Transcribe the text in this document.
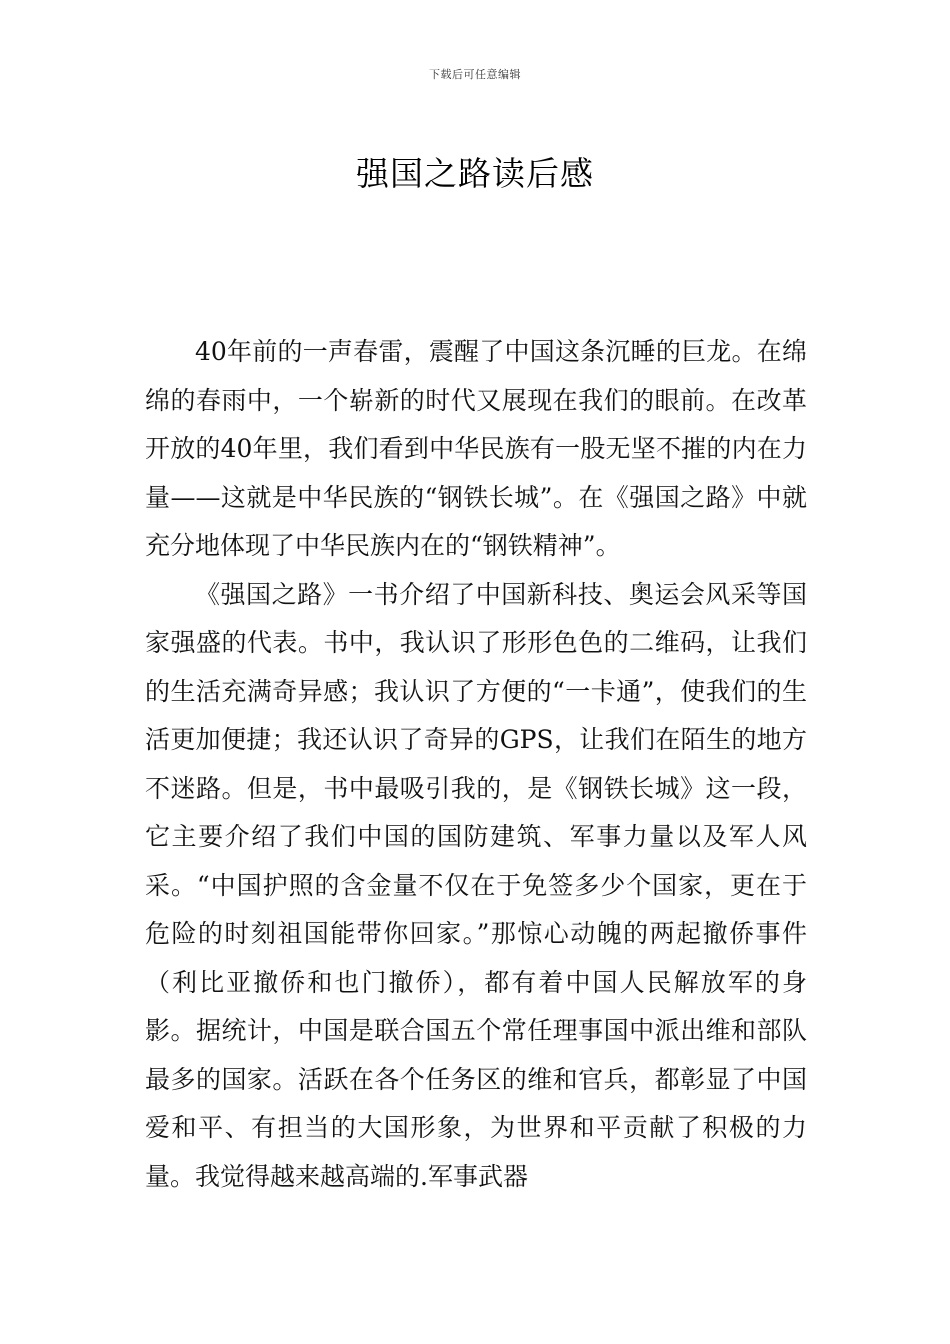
下载后可任意编辑
强国之路读后感

40年前的一声春雷，震醒了中国这条沉睡的巨龙。在绵绵的春雨中，一个崭新的时代又展现在我们的眼前。在改革开放的40年里，我们看到中华民族有一股无坚不摧的内在力量——这就是中华民族的“钢铁长城”。在《强国之路》中就充分地体现了中华民族内在的“钢铁精神”。

《强国之路》一书介绍了中国新科技、奥运会风采等国家强盛的代表。书中，我认识了形形色色的二维码，让我们的生活充满奇异感；我认识了方便的“一卡通”，使我们的生活更加便捷；我还认识了奇异的GPS，让我们在陌生的地方不迷路。但是，书中最吸引我的，是《钢铁长城》这一段，它主要介绍了我们中国的国防建筑、军事力量以及军人风采。“中国护照的含金量不仅在于免签多少个国家，更在于危险的时刻祖国能带你回家。”那惊心动魄的两起撤侨事件（利比亚撤侨和也门撤侨），都有着中国人民解放军的身影。据统计，中国是联合国五个常任理事国中派出维和部队最多的国家。活跃在各个任务区的维和官兵，都彰显了中国爱和平、有担当的大国形象，为世界和平贡献了积极的力量。我觉得越来越高端的.军事武器
